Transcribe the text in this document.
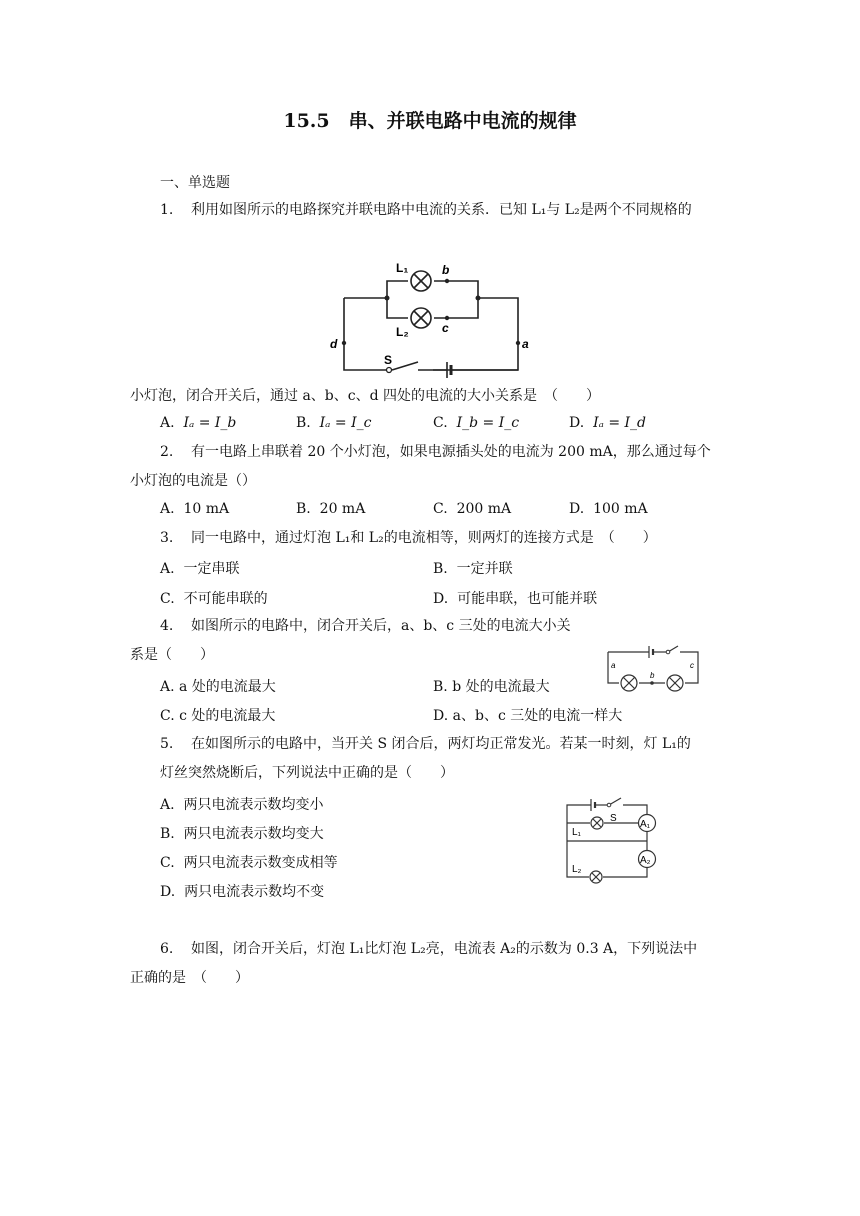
15.5　串、并联电路中电流的规律
一、单选题
1. 利用如图所示的电路探究并联电路中电流的关系．已知 L₁与 L₂是两个不同规格的
L₁	b
L₂	c
d	a
S
小灯泡，闭合开关后，通过 a、b、c、d 四处的电流的大小关系是　（　　）
A. Iₐ = I_b	B. Iₐ = I_c	C. I_b = I_c	D. Iₐ = I_d
2. 有一电路上串联着 20 个小灯泡，如果电源插头处的电流为 200 mA，那么通过每个
小灯泡的电流是（）
A. 10 mA	B. 20 mA	C. 200 mA	D. 100 mA
3. 同一电路中，通过灯泡 L₁和 L₂的电流相等，则两灯的连接方式是　（　　）
A. 一定串联	B. 一定并联
C. 不可能串联的	D. 可能串联，也可能并联
4. 如图所示的电路中，闭合开关后，a、b、c 三处的电流大小关
系是（　　）
a
b
c
A. a 处的电流最大	B. b 处的电流最大
C. c 处的电流最大	D. a、b、c 三处的电流一样大
5. 在如图所示的电路中，当开关 S 闭合后，两灯均正常发光。若某一时刻，灯 L₁的
灯丝突然烧断后，下列说法中正确的是（　　）
S
L₁
L₂
A₁
A₂
A. 两只电流表示数均变小
B. 两只电流表示数均变大
C. 两只电流表示数变成相等
D. 两只电流表示数均不变
6. 如图，闭合开关后，灯泡 L₁比灯泡 L₂亮，电流表 A₂的示数为 0.3 A，下列说法中
正确的是　（　　）
